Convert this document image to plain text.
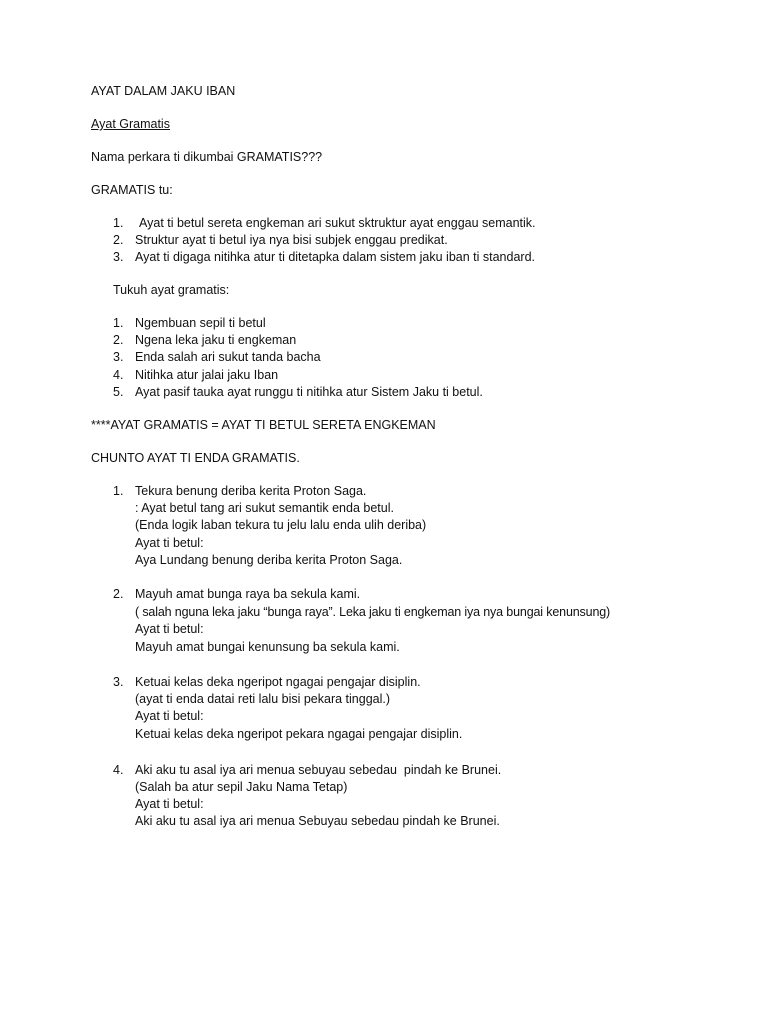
AYAT DALAM JAKU IBAN
Ayat Gramatis
Nama perkara ti dikumbai GRAMATIS???
GRAMATIS tu:
1. Ayat ti betul sereta engkeman ari sukut sktruktur ayat enggau semantik.
2. Struktur ayat ti betul iya nya bisi subjek enggau predikat.
3. Ayat ti digaga nitihka atur ti ditetapka dalam sistem jaku iban ti standard.
Tukuh ayat gramatis:
1. Ngembuan sepil ti betul
2. Ngena leka jaku ti engkeman
3. Enda salah ari sukut tanda bacha
4. Nitihka atur jalai jaku Iban
5. Ayat pasif tauka ayat runggu ti nitihka atur Sistem Jaku ti betul.
****AYAT GRAMATIS = AYAT TI BETUL SERETA ENGKEMAN
CHUNTO AYAT TI ENDA GRAMATIS.
1. Tekura benung deriba kerita Proton Saga.
: Ayat betul tang ari sukut semantik enda betul.
(Enda logik laban tekura tu jelu lalu enda ulih deriba)
Ayat ti betul:
Aya Lundang benung deriba kerita Proton Saga.
2. Mayuh amat bunga raya ba sekula kami.
( salah nguna leka jaku “bunga raya”. Leka jaku ti engkeman iya nya bungai kenunsung)
Ayat ti betul:
Mayuh amat bungai kenunsung ba sekula kami.
3. Ketuai kelas deka ngeripot ngagai pengajar disiplin.
(ayat ti enda datai reti lalu bisi pekara tinggal.)
Ayat ti betul:
Ketuai kelas deka ngeripot pekara ngagai pengajar disiplin.
4. Aki aku tu asal iya ari menua sebuyau sebedau  pindah ke Brunei.
(Salah ba atur sepil Jaku Nama Tetap)
Ayat ti betul:
Aki aku tu asal iya ari menua Sebuyau sebedau pindah ke Brunei.
